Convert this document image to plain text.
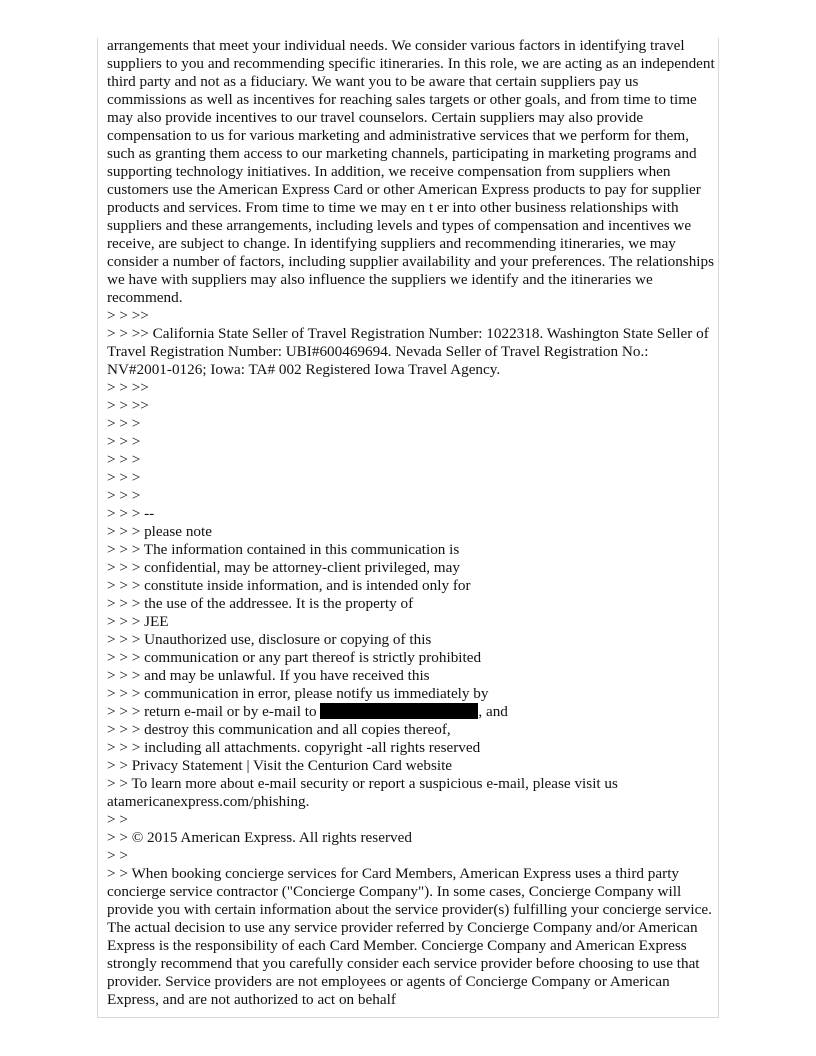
arrangements that meet your individual needs. We consider various factors in identifying travel suppliers to you and recommending specific itineraries. In this role, we are acting as an independent third party and not as a fiduciary. We want you to be aware that certain suppliers pay us commissions as well as incentives for reaching sales targets or other goals, and from time to time may also provide incentives to our travel counselors. Certain suppliers may also provide compensation to us for various marketing and administrative services that we perform for them, such as granting them access to our marketing channels, participating in marketing programs and supporting technology initiatives. In addition, we receive compensation from suppliers when customers use the American Express Card or other American Express products to pay for supplier products and services. From time to time we may en t er into other business relationships with suppliers and these arrangements, including levels and types of compensation and incentives we receive, are subject to change. In identifying suppliers and recommending itineraries, we may consider a number of factors, including supplier availability and your preferences. The relationships we have with suppliers may also influence the suppliers we identify and the itineraries we recommend.

> > >>

> > >> California State Seller of Travel Registration Number: 1022318. Washington State Seller of Travel Registration Number: UBI#600469694. Nevada Seller of Travel Registration No.: NV#2001-0126; Iowa: TA# 002 Registered Iowa Travel Agency.

> > >>

> > >>

> > >

> > >

> > >

> > >

> > >

> > > --

> > > please note

> > > The information contained in this communication is

> > > confidential, may be attorney-client privileged, may

> > > constitute inside information, and is intended only for

> > > the use of the addressee. It is the property of

> > > JEE

> > > Unauthorized use, disclosure or copying of this

> > > communication or any part thereof is strictly prohibited

> > > and may be unlawful. If you have received this

> > > communication in error, please notify us immediately by

> > > return e-mail or by e-mail to	, and

> > > destroy this communication and all copies thereof,

> > > including all attachments. copyright -all rights reserved

> > Privacy Statement | Visit the Centurion Card website

> > To learn more about e-mail security or report a suspicious e-mail, please visit us atamericanexpress.com/phishing.

> >

> > © 2015 American Express. All rights reserved

> >

> > When booking concierge services for Card Members, American Express uses a third party concierge service contractor ("Concierge Company"). In some cases, Concierge Company will provide you with certain information about the service provider(s) fulfilling your concierge service. The actual decision to use any service provider referred by Concierge Company and/or American Express is the responsibility of each Card Member. Concierge Company and American Express strongly recommend that you carefully consider each service provider before choosing to use that provider. Service providers are not employees or agents of Concierge Company or American Express, and are not authorized to act on behalf
